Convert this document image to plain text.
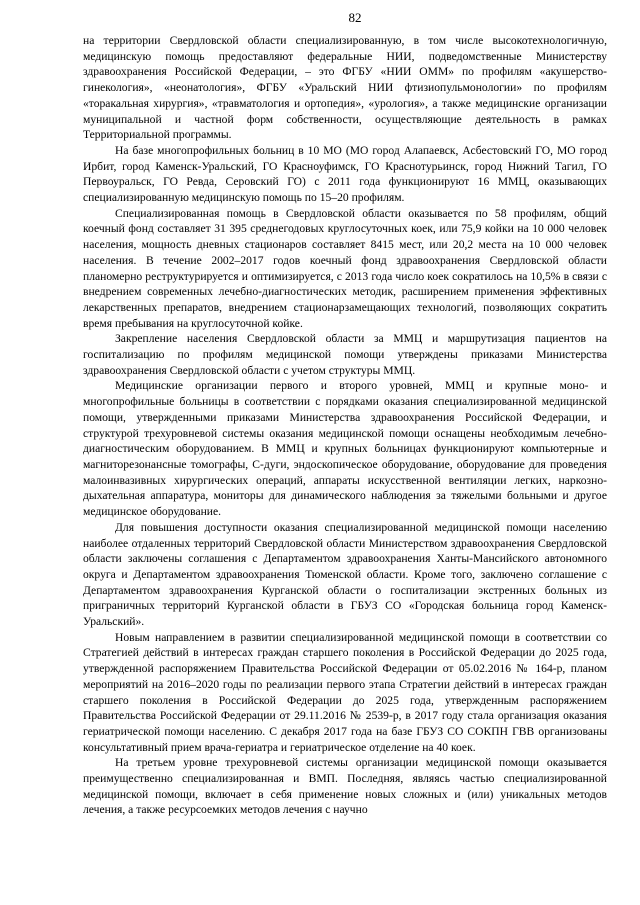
82

на территории Свердловской области специализированную, в том числе высокотехнологичную, медицинскую помощь предоставляют федеральные НИИ, подведомственные Министерству здравоохранения Российской Федерации, – это ФГБУ «НИИ ОММ» по профилям «акушерство-гинекология», «неонатология», ФГБУ «Уральский НИИ фтизиопульмонологии» по профилям «торакальная хирургия», «травматология и ортопедия», «урология», а также медицинские организации муниципальной и частной форм собственности, осуществляющие деятельность в рамках Территориальной программы.

На базе многопрофильных больниц в 10 МО (МО город Алапаевск, Асбестовский ГО, МО город Ирбит, город Каменск-Уральский, ГО Красноуфимск, ГО Краснотурьинск, город Нижний Тагил, ГО Первоуральск, ГО Ревда, Серовский ГО) с 2011 года функционируют 16 ММЦ, оказывающих специализированную медицинскую помощь по 15–20 профилям.

Специализированная помощь в Свердловской области оказывается по 58 профилям, общий коечный фонд составляет 31 395 среднегодовых круглосуточных коек, или 75,9 койки на 10 000 человек населения, мощность дневных стационаров составляет 8415 мест, или 20,2 места на 10 000 человек населения. В течение 2002–2017 годов коечный фонд здравоохранения Свердловской области планомерно реструктурируется и оптимизируется, с 2013 года число коек сократилось на 10,5% в связи с внедрением современных лечебно-диагностических методик, расширением применения эффективных лекарственных препаратов, внедрением стационарзамещающих технологий, позволяющих сократить время пребывания на круглосуточной койке.

Закрепление населения Свердловской области за ММЦ и маршрутизация пациентов на госпитализацию по профилям медицинской помощи утверждены приказами Министерства здравоохранения Свердловской области с учетом структуры ММЦ.

Медицинские организации первого и второго уровней, ММЦ и крупные моно- и многопрофильные больницы в соответствии с порядками оказания специализированной медицинской помощи, утвержденными приказами Министерства здравоохранения Российской Федерации, и структурой трехуровневой системы оказания медицинской помощи оснащены необходимым лечебно-диагностическим оборудованием. В ММЦ и крупных больницах функционируют компьютерные и магниторезонансные томографы, С-дуги, эндоскопическое оборудование, оборудование для проведения малоинвазивных хирургических операций, аппараты искусственной вентиляции легких, наркозно-дыхательная аппаратура, мониторы для динамического наблюдения за тяжелыми больными и другое медицинское оборудование.

Для повышения доступности оказания специализированной медицинской помощи населению наиболее отдаленных территорий Свердловской области Министерством здравоохранения Свердловской области заключены соглашения с Департаментом здравоохранения Ханты-Мансийского автономного округа и Департаментом здравоохранения Тюменской области. Кроме того, заключено соглашение с Департаментом здравоохранения Курганской области о госпитализации экстренных больных из приграничных территорий Курганской области в ГБУЗ СО «Городская больница город Каменск-Уральский».

Новым направлением в развитии специализированной медицинской помощи в соответствии со Стратегией действий в интересах граждан старшего поколения в Российской Федерации до 2025 года, утвержденной распоряжением Правительства Российской Федерации от 05.02.2016 № 164-р, планом мероприятий на 2016–2020 годы по реализации первого этапа Стратегии действий в интересах граждан старшего поколения в Российской Федерации до 2025 года, утвержденным распоряжением Правительства Российской Федерации от 29.11.2016 № 2539-р, в 2017 году стала организация оказания гериатрической помощи населению. С декабря 2017 года на базе ГБУЗ СО СОКПН ГВВ организованы консультативный прием врача-гериатра и гериатрическое отделение на 40 коек.

На третьем уровне трехуровневой системы организации медицинской помощи оказывается преимущественно специализированная и ВМП. Последняя, являясь частью специализированной медицинской помощи, включает в себя применение новых сложных и (или) уникальных методов лечения, а также ресурсоемких методов лечения с научно
